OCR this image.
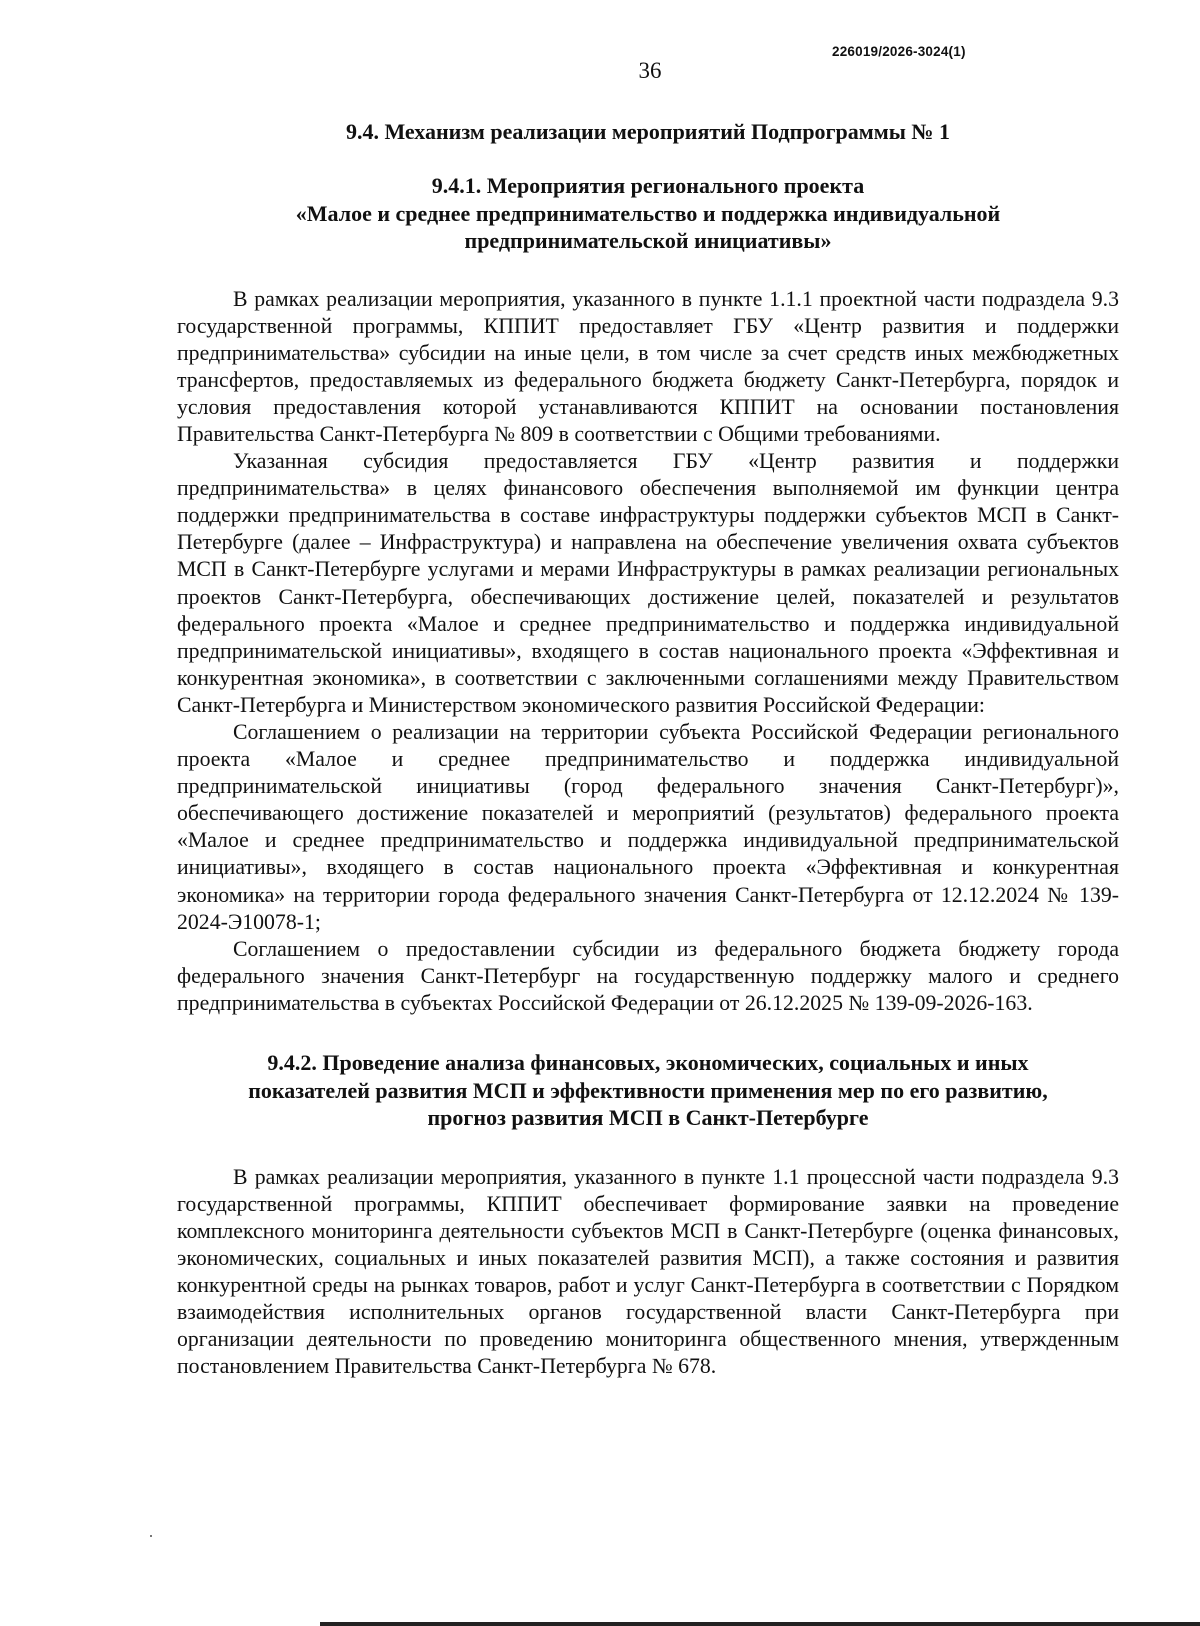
226019/2026-3024(1)
36
9.4. Механизм реализации мероприятий Подпрограммы № 1
9.4.1. Мероприятия регионального проекта
«Малое и среднее предпринимательство и поддержка индивидуальной
предпринимательской инициативы»

В рамках реализации мероприятия, указанного в пункте 1.1.1 проектной части подраздела 9.3 государственной программы, КППИТ предоставляет ГБУ «Центр развития и поддержки предпринимательства» субсидии на иные цели, в том числе за счет средств иных межбюджетных трансфертов, предоставляемых из федерального бюджета бюджету Санкт-Петербурга, порядок и условия предоставления которой устанавливаются КППИТ на основании постановления Правительства Санкт-Петербурга № 809 в соответствии с Общими требованиями.

Указанная субсидия предоставляется ГБУ «Центр развития и поддержки предпринимательства» в целях финансового обеспечения выполняемой им функции центра поддержки предпринимательства в составе инфраструктуры поддержки субъектов МСП в Санкт-Петербурге (далее – Инфраструктура) и направлена на обеспечение увеличения охвата субъектов МСП в Санкт-Петербурге услугами и мерами Инфраструктуры в рамках реализации региональных проектов Санкт-Петербурга, обеспечивающих достижение целей, показателей и результатов федерального проекта «Малое и среднее предпринимательство и поддержка индивидуальной предпринимательской инициативы», входящего в состав национального проекта «Эффективная и конкурентная экономика», в соответствии с заключенными соглашениями между Правительством Санкт-Петербурга и Министерством экономического развития Российской Федерации:

Соглашением о реализации на территории субъекта Российской Федерации регионального проекта «Малое и среднее предпринимательство и поддержка индивидуальной предпринимательской инициативы (город федерального значения Санкт-Петербург)», обеспечивающего достижение показателей и мероприятий (результатов) федерального проекта «Малое и среднее предпринимательство и поддержка индивидуальной предпринимательской инициативы», входящего в состав национального проекта «Эффективная и конкурентная экономика» на территории города федерального значения Санкт-Петербурга от 12.12.2024 № 139-2024-Э10078-1;

Соглашением о предоставлении субсидии из федерального бюджета бюджету города федерального значения Санкт-Петербург на государственную поддержку малого и среднего предпринимательства в субъектах Российской Федерации от 26.12.2025 № 139-09-2026-163.

9.4.2. Проведение анализа финансовых, экономических, социальных и иных
показателей развития МСП и эффективности применения мер по его развитию,
прогноз развития МСП в Санкт-Петербурге

В рамках реализации мероприятия, указанного в пункте 1.1 процессной части подраздела 9.3 государственной программы, КППИТ обеспечивает формирование заявки на проведение комплексного мониторинга деятельности субъектов МСП в Санкт-Петербурге (оценка финансовых, экономических, социальных и иных показателей развития МСП), а также состояния и развития конкурентной среды на рынках товаров, работ и услуг Санкт-Петербурга в соответствии с Порядком взаимодействия исполнительных органов государственной власти Санкт-Петербурга при организации деятельности по проведению мониторинга общественного мнения, утвержденным постановлением Правительства Санкт-Петербурга № 678.
